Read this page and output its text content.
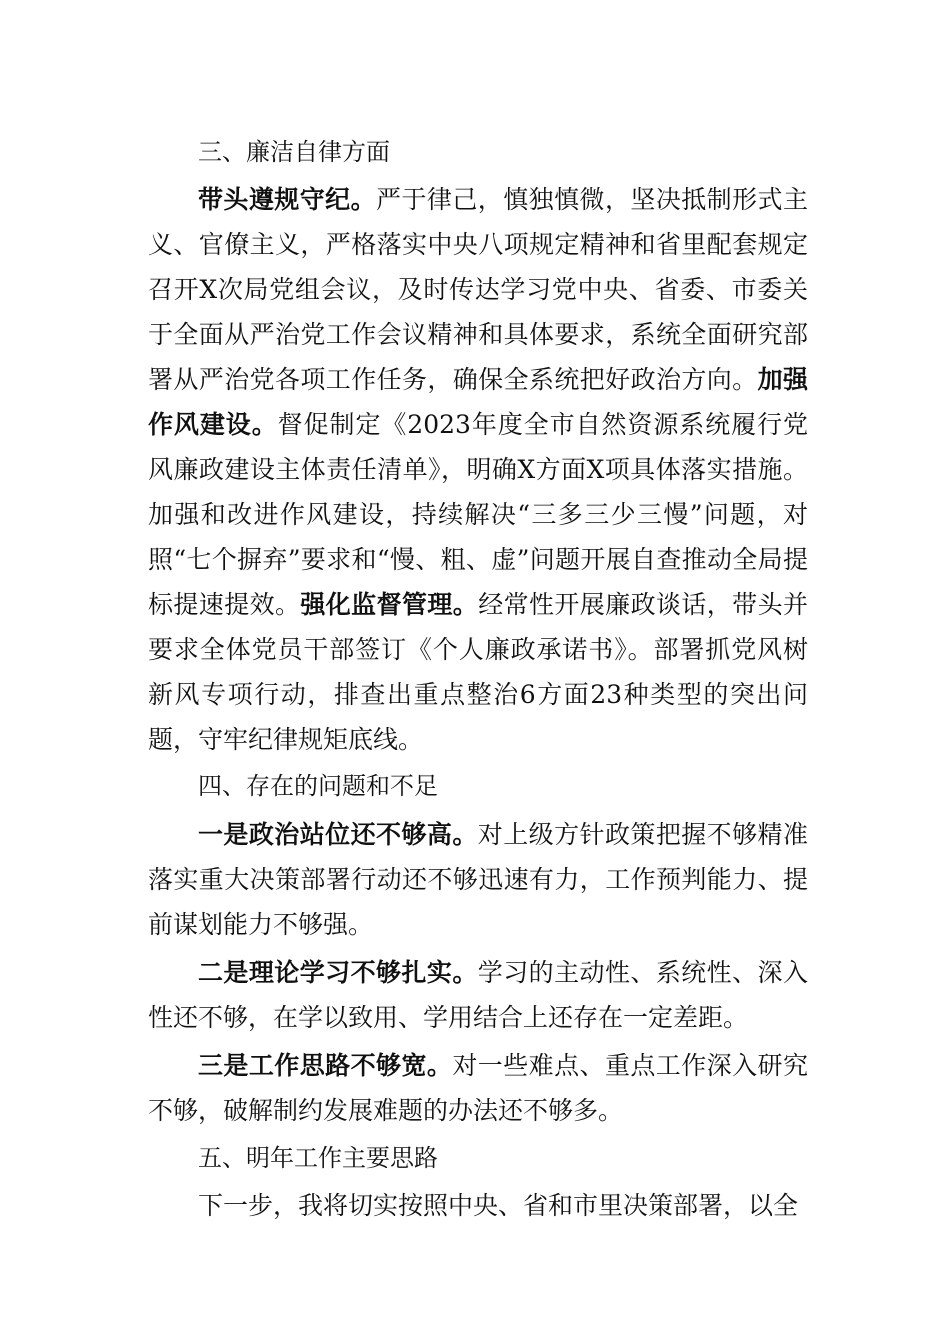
三、廉洁自律方面

带头遵规守纪。严于律己，慎独慎微，坚决抵制形式主义、官僚主义，严格落实中央八项规定精神和省里配套规定召开X次局党组会议，及时传达学习党中央、省委、市委关于全面从严治党工作会议精神和具体要求，系统全面研究部署从严治党各项工作任务，确保全系统把好政治方向。加强作风建设。督促制定《2023年度全市自然资源系统履行党风廉政建设主体责任清单》，明确X方面X项具体落实措施。加强和改进作风建设，持续解决“三多三少三慢”问题，对照“七个摒弃”要求和“慢、粗、虚”问题开展自查推动全局提标提速提效。强化监督管理。经常性开展廉政谈话，带头并要求全体党员干部签订《个人廉政承诺书》。部署抓党风树新风专项行动，排查出重点整治6方面23种类型的突出问题，守牢纪律规矩底线。

四、存在的问题和不足

一是政治站位还不够高。对上级方针政策把握不够精准落实重大决策部署行动还不够迅速有力，工作预判能力、提前谋划能力不够强。

二是理论学习不够扎实。学习的主动性、系统性、深入性还不够，在学以致用、学用结合上还存在一定差距。

三是工作思路不够宽。对一些难点、重点工作深入研究不够，破解制约发展难题的办法还不够多。

五、明年工作主要思路

下一步，我将切实按照中央、省和市里决策部署，以全
